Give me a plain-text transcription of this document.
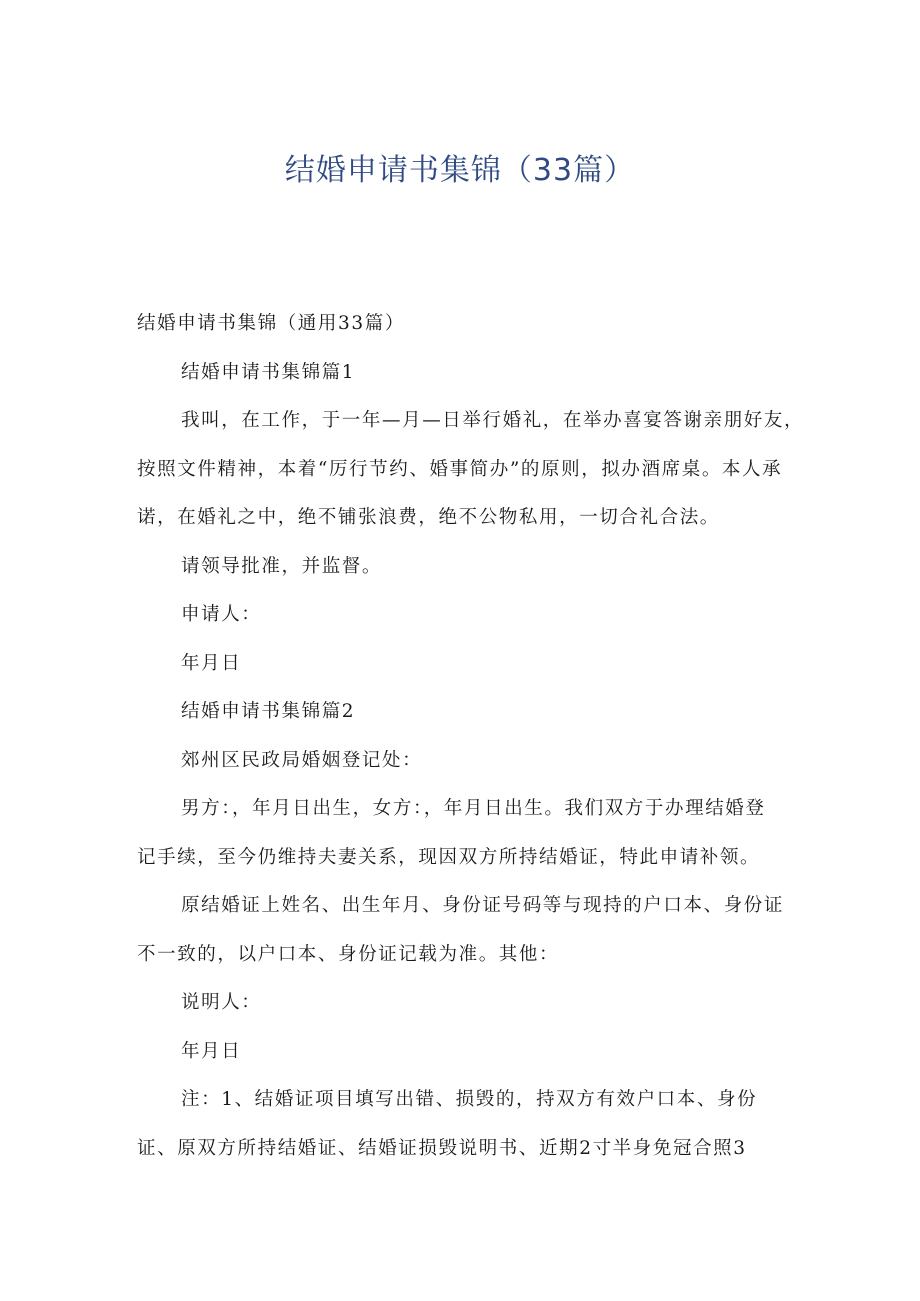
结婚申请书集锦（33篇）

结婚申请书集锦（通用33篇）

结婚申请书集锦篇1

我叫，在工作，于一年—月—日举行婚礼，在举办喜宴答谢亲朋好友，

按照文件精神，本着“厉行节约、婚事简办”的原则，拟办酒席桌。本人承

诺，在婚礼之中，绝不铺张浪费，绝不公物私用，一切合礼合法。

请领导批准，并监督。

申请人：

年月日

结婚申请书集锦篇2

郊州区民政局婚姻登记处：

男方：，年月日出生，女方：，年月日出生。我们双方于办理结婚登

记手续，至今仍维持夫妻关系，现因双方所持结婚证，特此申请补领。

原结婚证上姓名、出生年月、身份证号码等与现持的户口本、身份证

不一致的，以户口本、身份证记载为准。其他：

说明人：

年月日

注：1、结婚证项目填写出错、损毁的，持双方有效户口本、身份

证、原双方所持结婚证、结婚证损毁说明书、近期2寸半身免冠合照3
